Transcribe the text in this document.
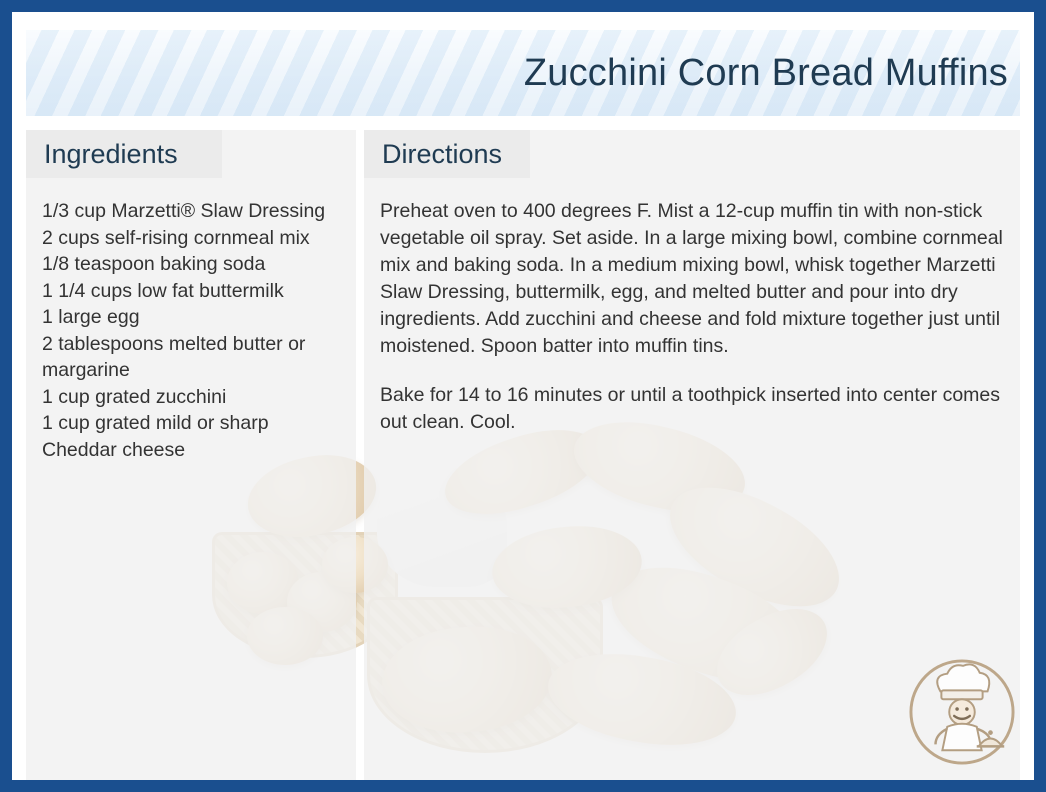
Zucchini Corn Bread Muffins
Ingredients
1/3 cup Marzetti® Slaw Dressing
2 cups self-rising cornmeal mix
1/8 teaspoon baking soda
1 1/4 cups low fat buttermilk
1 large egg
2 tablespoons melted butter or margarine
1 cup grated zucchini
1 cup grated mild or sharp Cheddar cheese
Directions

Preheat oven to 400 degrees F. Mist a 12-cup muffin tin with non-stick vegetable oil spray. Set aside. In a large mixing bowl, combine cornmeal mix and baking soda. In a medium mixing bowl, whisk together Marzetti Slaw Dressing, buttermilk, egg, and melted butter and pour into dry ingredients. Add zucchini and cheese and fold mixture together just until moistened. Spoon batter into muffin tins.

Bake for 14 to 16 minutes or until a toothpick inserted into center comes out clean. Cool.
